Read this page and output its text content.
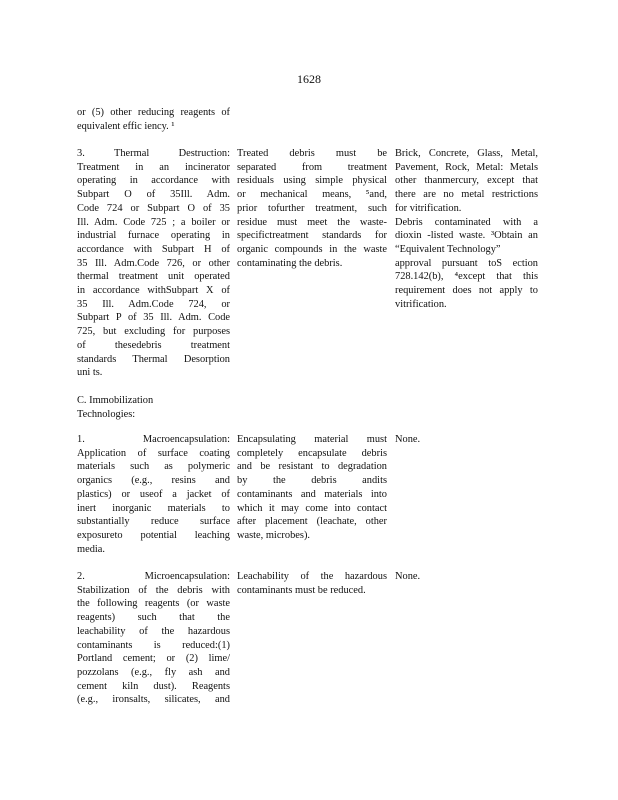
1628
or (5) other reducing reagents of
equivalent effic iency. ¹
3. Thermal Destruction:
Treatment in an incinerator
operating in accordance with
Subpart O of 35Ill. Adm.
Code 724 or Subpart O of 35
Ill. Adm. Code 725 ; a boiler or
industrial furnace operating in
accordance with Subpart H of
35 Ill. Adm.Code 726, or other
thermal treatment unit operated
in accordance withSubpart X of
35 Ill. Adm.Code 724, or
Subpart P of 35 Ill. Adm. Code
725, but excluding for purposes
of thesedebris treatment
standards Thermal Desorption
uni ts.
Treated debris must be
separated from treatment
residuals using simple physical
or mechanical means, ⁵and,
prior tofurther treatment, such
residue must meet the waste-
specifictreatment standards for
organic compounds in the waste
contaminating the debris.
Brick, Concrete, Glass, Metal,
Pavement, Rock, Metal: Metals
other thanmercury, except that
there are no metal restrictions
for vitrification.
Debris contaminated with a
dioxin -listed waste. ³Obtain an
“Equivalent Technology”
approval pursuant toS ection
728.142(b), ⁴except that this
requirement does not apply to
vitrification.
C. Immobilization
Technologies:
1. Macroencapsulation:
Application of surface coating
materials such as polymeric
organics (e.g., resins and
plastics) or useof a jacket of
inert inorganic materials to
substantially reduce surface
exposureto potential leaching
media.
Encapsulating material must
completely encapsulate debris
and be resistant to degradation
by the debris andits
contaminants and materials into
which it may come into contact
after placement (leachate, other
waste, microbes).
None.
2. Microencapsulation:
Stabilization of the debris with
the following reagents (or waste
reagents) such that the
leachability of the hazardous
contaminants is reduced:(1)
Portland cement; or (2) lime/
pozzolans (e.g., fly ash and
cement kiln dust). Reagents
(e.g., ironsalts, silicates, and
Leachability of the hazardous
contaminants must be reduced.
None.
